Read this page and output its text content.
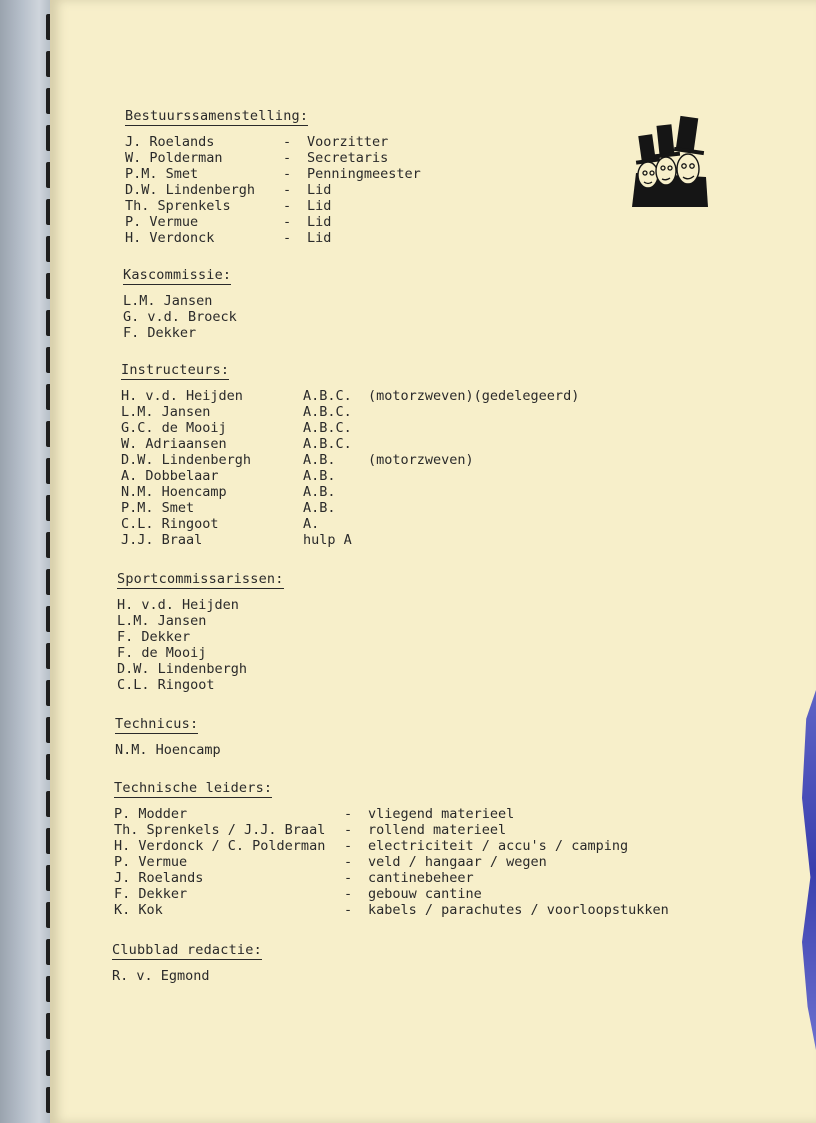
Bestuurssamenstelling:
J. Roelands	- Voorzitter
W. Polderman	- Secretaris
P.M. Smet	- Penningmeester
D.W. Lindenbergh - Lid
Th. Sprenkels	- Lid
P. Vermue	- Lid
H. Verdonck	- Lid
Kascommissie:
L.M. Jansen
G. v.d. Broeck
F. Dekker
Instructeurs:
H. v.d. Heijden	A.B.C. (motorzweven)(gedelegeerd)
L.M. Jansen	A.B.C.
G.C. de Mooij	A.B.C.
W. Adriaansen	A.B.C.
D.W. Lindenbergh	A.B. (motorzweven)
A. Dobbelaar	A.B.
N.M. Hoencamp	A.B.
P.M. Smet	A.B.
C.L. Ringoot	A.
J.J. Braal	hulp A
Sportcommissarissen:
H. v.d. Heijden
L.M. Jansen
F. Dekker
F. de Mooij
D.W. Lindenbergh
C.L. Ringoot
Technicus:
N.M. Hoencamp
Technische leiders:
P. Modder	- vliegend materieel
Th. Sprenkels / J.J. Braal - rollend materieel
H. Verdonck / C. Polderman - electriciteit / accu's / camping
P. Vermue	- veld / hangaar / wegen
J. Roelands	- cantinebeheer
F. Dekker	- gebouw cantine
K. Kok	- kabels / parachutes / voorloopstukken
Clubblad redactie:
R. v. Egmond
